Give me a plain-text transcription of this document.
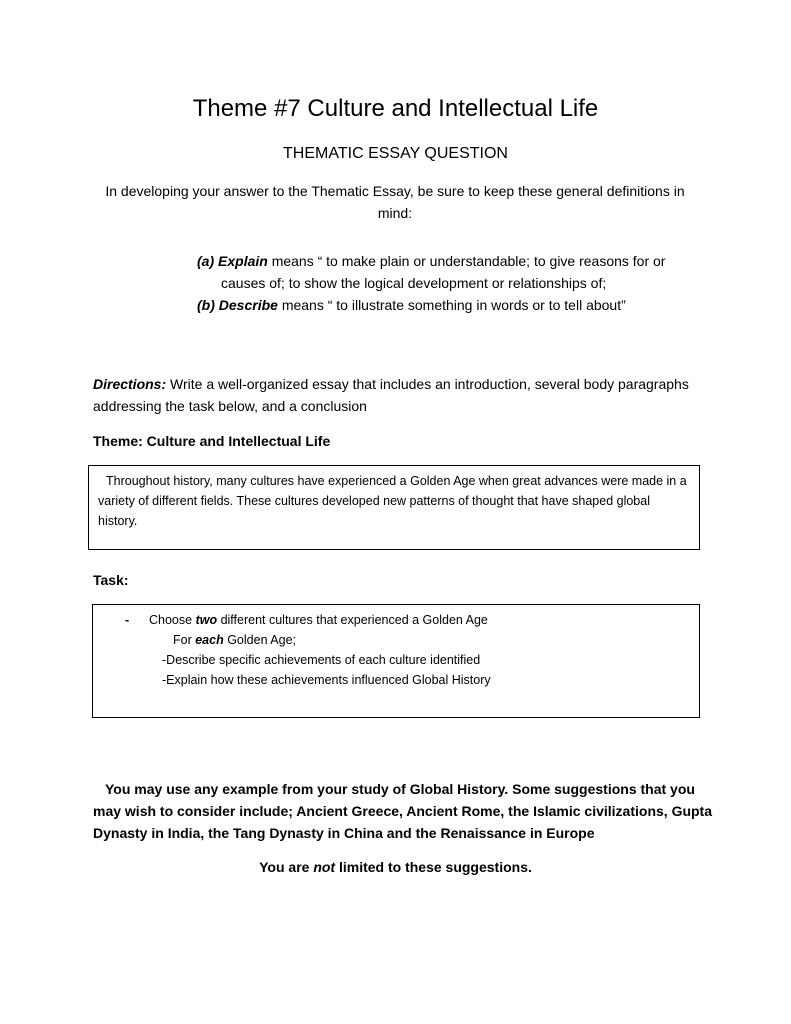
Theme #7 Culture and Intellectual Life
THEMATIC ESSAY QUESTION
In developing your answer to the Thematic Essay, be sure to keep these general definitions in mind:
(a) Explain means “ to make plain or understandable; to give reasons for or
causes of; to show the logical development or relationships of;
(b) Describe means “ to illustrate something in words or to tell about”
Directions: Write a well-organized essay that includes an introduction, several body paragraphs addressing the task below, and a conclusion
Theme: Culture and Intellectual Life
Throughout history, many cultures have experienced a Golden Age when great advances were made in a variety of different fields. These cultures developed new patterns of thought that have shaped global history.
Task:
- Choose two different cultures that experienced a Golden Age
For each Golden Age;
-Describe specific achievements of each culture identified
-Explain how these achievements influenced Global History
You may use any example from your study of Global History. Some suggestions that you may wish to consider include; Ancient Greece, Ancient Rome, the Islamic civilizations, Gupta Dynasty in India, the Tang Dynasty in China and the Renaissance in Europe
You are not limited to these suggestions.
